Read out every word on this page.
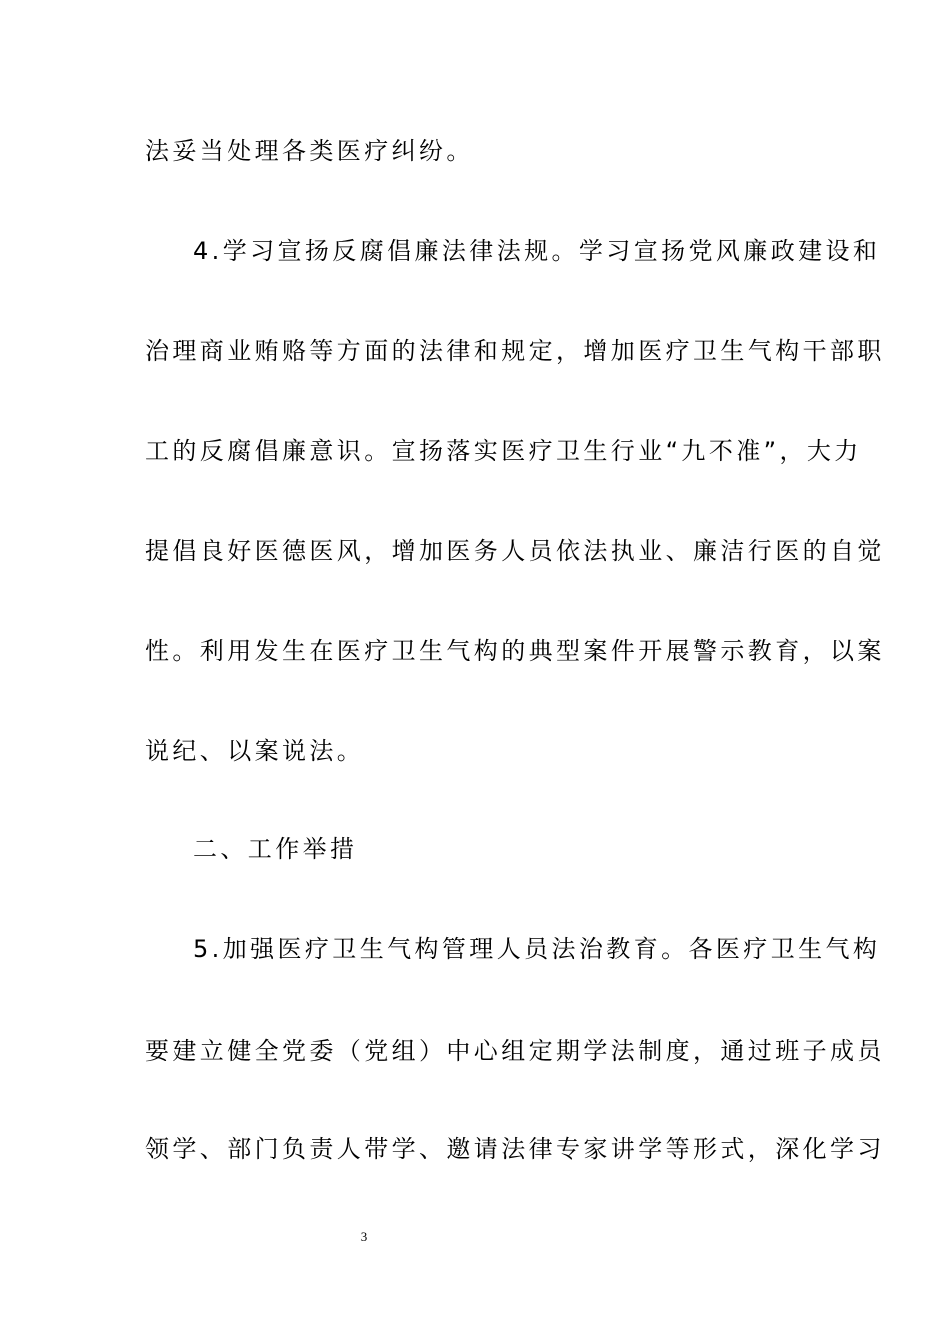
法妥当处理各类医疗纠纷。
4.学习宣扬反腐倡廉法律法规。学习宣扬党风廉政建设和
治理商业贿赂等方面的法律和规定，增加医疗卫生气构干部职
工的反腐倡廉意识。宣扬落实医疗卫生行业“九不准”，大力
提倡良好医德医风，增加医务人员依法执业、廉洁行医的自觉
性。利用发生在医疗卫生气构的典型案件开展警示教育，以案
说纪、以案说法。
二、工作举措
5.加强医疗卫生气构管理人员法治教育。各医疗卫生气构
要建立健全党委（党组）中心组定期学法制度，通过班子成员
领学、部门负责人带学、邀请法律专家讲学等形式，深化学习
3
